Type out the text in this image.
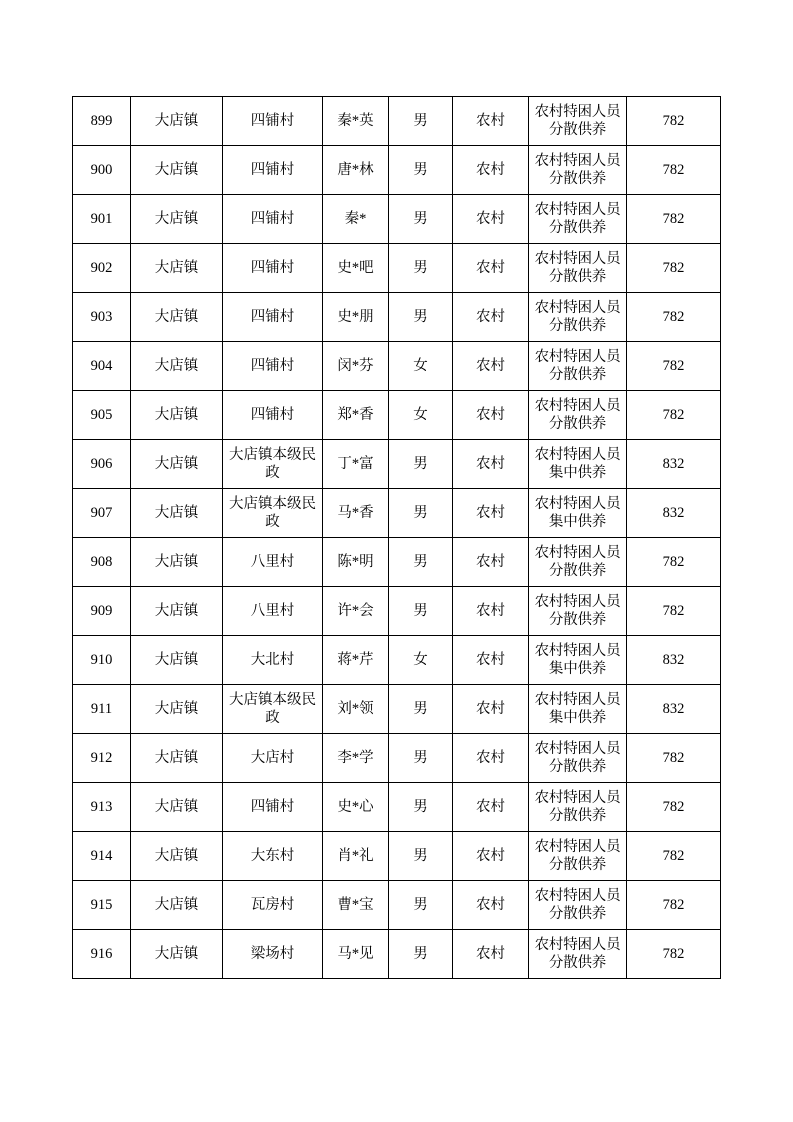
899	大店镇	四铺村	秦*英	男	农村	农村特困人员分散供养	782
900	大店镇	四铺村	唐*林	男	农村	农村特困人员分散供养	782
901	大店镇	四铺村	秦*	男	农村	农村特困人员分散供养	782
902	大店镇	四铺村	史*吧	男	农村	农村特困人员分散供养	782
903	大店镇	四铺村	史*朋	男	农村	农村特困人员分散供养	782
904	大店镇	四铺村	闵*芬	女	农村	农村特困人员分散供养	782
905	大店镇	四铺村	郑*香	女	农村	农村特困人员分散供养	782
906	大店镇	大店镇本级民政	丁*富	男	农村	农村特困人员集中供养	832
907	大店镇	大店镇本级民政	马*香	男	农村	农村特困人员集中供养	832
908	大店镇	八里村	陈*明	男	农村	农村特困人员分散供养	782
909	大店镇	八里村	许*会	男	农村	农村特困人员分散供养	782
910	大店镇	大北村	蒋*芹	女	农村	农村特困人员集中供养	832
911	大店镇	大店镇本级民政	刘*领	男	农村	农村特困人员集中供养	832
912	大店镇	大店村	李*学	男	农村	农村特困人员分散供养	782
913	大店镇	四铺村	史*心	男	农村	农村特困人员分散供养	782
914	大店镇	大东村	肖*礼	男	农村	农村特困人员分散供养	782
915	大店镇	瓦房村	曹*宝	男	农村	农村特困人员分散供养	782
916	大店镇	梁场村	马*见	男	农村	农村特困人员分散供养	782
